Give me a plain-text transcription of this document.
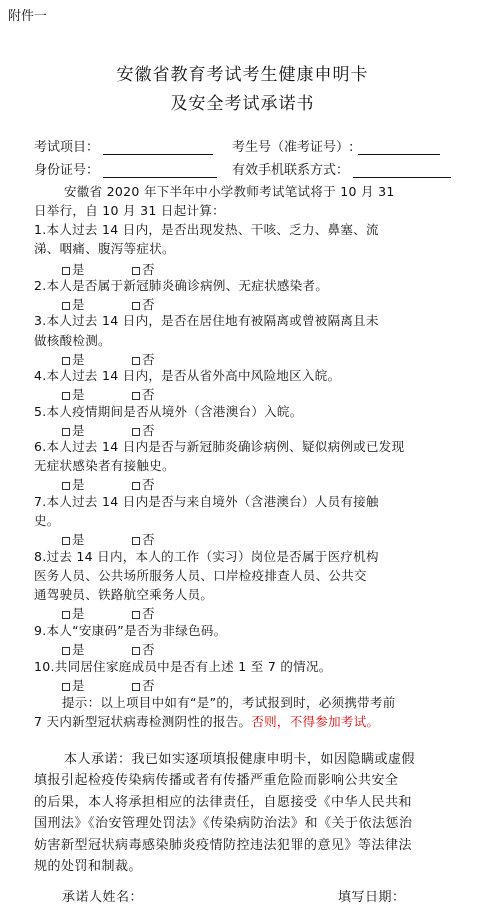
附件一
安徽省教育考试考生健康申明卡
及安全考试承诺书
考试项目：	考生号（准考证号）:
身份证号：	有效手机联系方式：
安徽省 2020 年下半年中小学教师考试笔试将于 10 月 31
日举行，自 10 月 31 日起计算：
1.本人过去 14 日内，是否出现发热、干咳、乏力、鼻塞、流
涕、咽痛、腹泻等症状。
是	否
2.本人是否属于新冠肺炎确诊病例、无症状感染者。
是	否
3.本人过去 14 日内，是否在居住地有被隔离或曾被隔离且未
做核酸检测。
是	否
4.本人过去 14 日内，是否从省外高中风险地区入皖。
是	否
5.本人疫情期间是否从境外（含港澳台）入皖。
是	否
6.本人过去 14 日内是否与新冠肺炎确诊病例、疑似病例或已发现
无症状感染者有接触史。
是	否
7.本人过去 14 日内是否与来自境外（含港澳台）人员有接触
史。
是	否
8.过去 14 日内，本人的工作（实习）岗位是否属于医疗机构
医务人员、公共场所服务人员、口岸检疫排查人员、公共交
通驾驶员、铁路航空乘务人员。
是	否
9.本人“安康码”是否为非绿色码。
是	否
10.共同居住家庭成员中是否有上述 1 至 7 的情况。
是	否
提示：以上项目中如有“是”的，考试报到时，必须携带考前
7 天内新型冠状病毒检测阴性的报告。否则，不得参加考试。
本人承诺：我已如实逐项填报健康申明卡，如因隐瞒或虚假
填报引起检疫传染病传播或者有传播严重危险而影响公共安全
的后果，本人将承担相应的法律责任，自愿接受《中华人民共和
国刑法》《治安管理处罚法》《传染病防治法》和《关于依法惩治
妨害新型冠状病毒感染肺炎疫情防控违法犯罪的意见》等法律法
规的处罚和制裁。
承诺人姓名：	填写日期：
